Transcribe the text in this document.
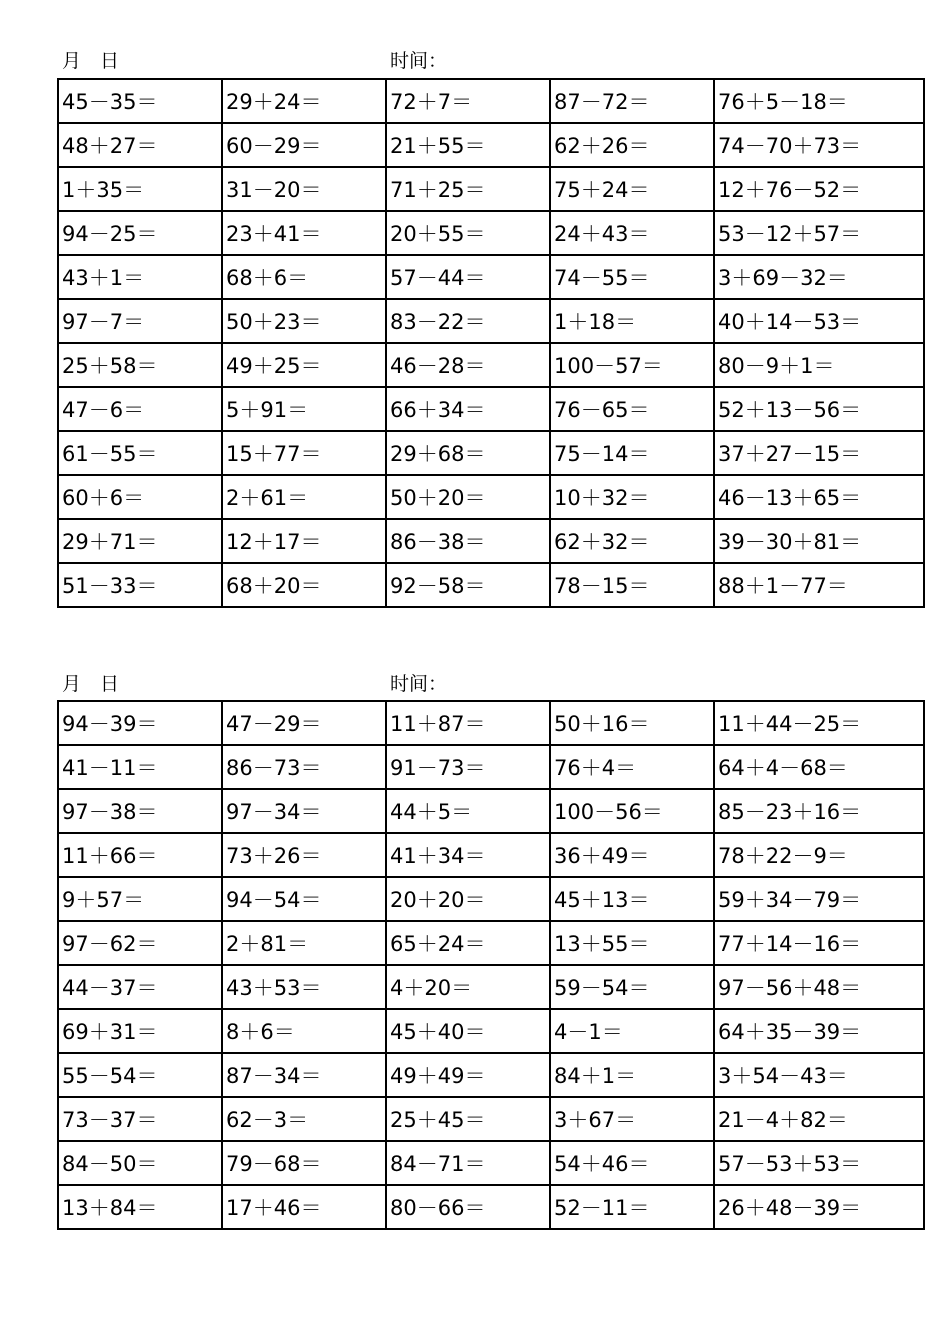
月　日	时间：
45－35＝	29＋24＝	72＋7＝	87－72＝	76＋5－18＝
48＋27＝	60－29＝	21＋55＝	62＋26＝	74－70＋73＝
1＋35＝	31－20＝	71＋25＝	75＋24＝	12＋76－52＝
94－25＝	23＋41＝	20＋55＝	24＋43＝	53－12＋57＝
43＋1＝	68＋6＝	57－44＝	74－55＝	3＋69－32＝
97－7＝	50＋23＝	83－22＝	1＋18＝	40＋14－53＝
25＋58＝	49＋25＝	46－28＝	100－57＝	80－9＋1＝
47－6＝	5＋91＝	66＋34＝	76－65＝	52＋13－56＝
61－55＝	15＋77＝	29＋68＝	75－14＝	37＋27－15＝
60＋6＝	2＋61＝	50＋20＝	10＋32＝	46－13＋65＝
29＋71＝	12＋17＝	86－38＝	62＋32＝	39－30＋81＝
51－33＝	68＋20＝	92－58＝	78－15＝	88＋1－77＝
月　日	时间：
94－39＝	47－29＝	11＋87＝	50＋16＝	11＋44－25＝
41－11＝	86－73＝	91－73＝	76＋4＝	64＋4－68＝
97－38＝	97－34＝	44＋5＝	100－56＝	85－23＋16＝
11＋66＝	73＋26＝	41＋34＝	36＋49＝	78＋22－9＝
9＋57＝	94－54＝	20＋20＝	45＋13＝	59＋34－79＝
97－62＝	2＋81＝	65＋24＝	13＋55＝	77＋14－16＝
44－37＝	43＋53＝	4＋20＝	59－54＝	97－56＋48＝
69＋31＝	8＋6＝	45＋40＝	4－1＝	64＋35－39＝
55－54＝	87－34＝	49＋49＝	84＋1＝	3＋54－43＝
73－37＝	62－3＝	25＋45＝	3＋67＝	21－4＋82＝
84－50＝	79－68＝	84－71＝	54＋46＝	57－53＋53＝
13＋84＝	17＋46＝	80－66＝	52－11＝	26＋48－39＝
